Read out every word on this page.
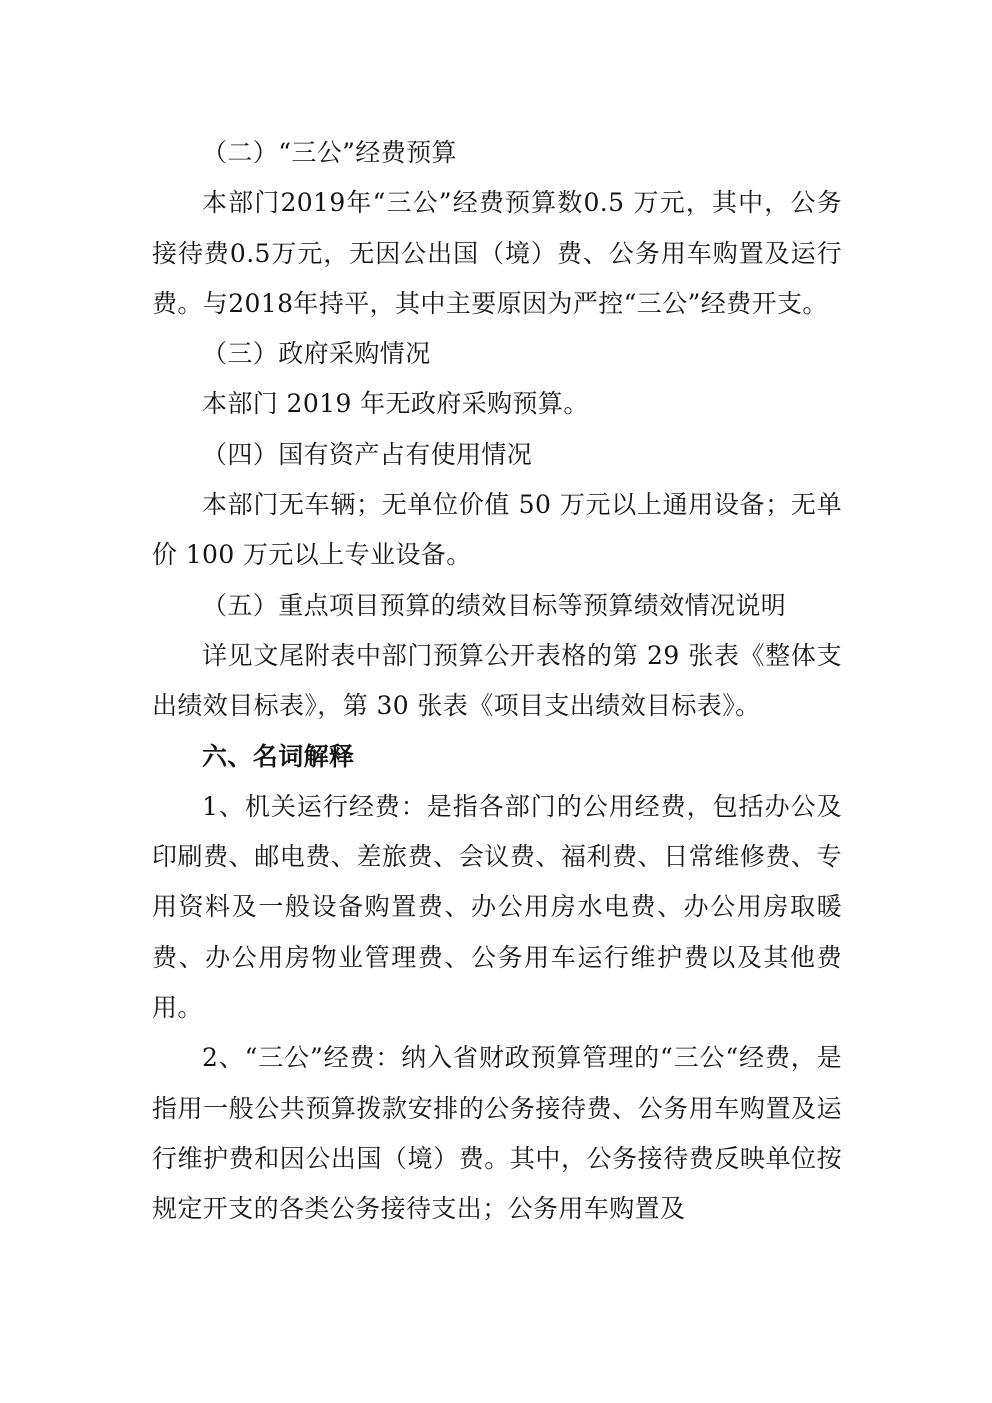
（二）“三公”经费预算

本部门2019年“三公”经费预算数0.5 万元，其中，公务接待费0.5万元，无因公出国（境）费、公务用车购置及运行费。与2018年持平，其中主要原因为严控“三公”经费开支。

（三）政府采购情况

本部门 2019 年无政府采购预算。

（四）国有资产占有使用情况

本部门无车辆；无单位价值 50 万元以上通用设备；无单价 100 万元以上专业设备。

（五）重点项目预算的绩效目标等预算绩效情况说明

详见文尾附表中部门预算公开表格的第 29 张表《整体支出绩效目标表》，第 30 张表《项目支出绩效目标表》。

六、名词解释

1、机关运行经费：是指各部门的公用经费，包括办公及印刷费、邮电费、差旅费、会议费、福利费、日常维修费、专用资料及一般设备购置费、办公用房水电费、办公用房取暖费、办公用房物业管理费、公务用车运行维护费以及其他费用。

2、“三公”经费：纳入省财政预算管理的“三公“经费，是指用一般公共预算拨款安排的公务接待费、公务用车购置及运行维护费和因公出国（境）费。其中，公务接待费反映单位按规定开支的各类公务接待支出；公务用车购置及
